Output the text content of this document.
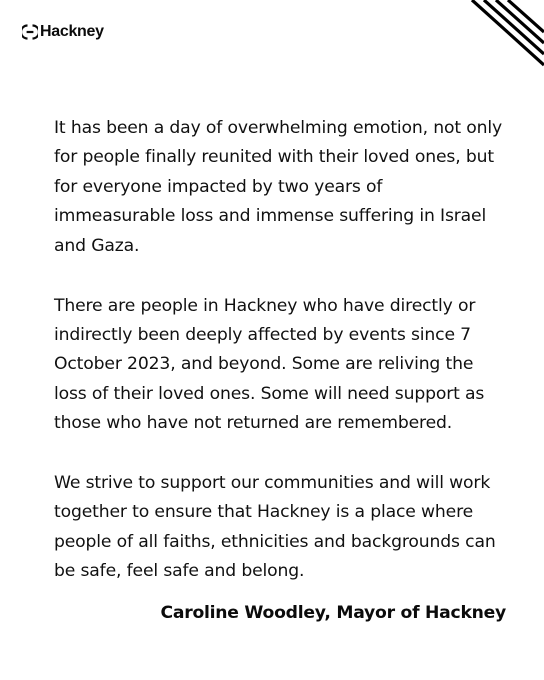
Hackney

It has been a day of overwhelming emotion, not only for people finally reunited with their loved ones, but for everyone impacted by two years of immeasurable loss and immense suffering in Israel and Gaza.

There are people in Hackney who have directly or indirectly been deeply affected by events since 7 October 2023, and beyond. Some are reliving the loss of their loved ones. Some will need support as those who have not returned are remembered.

We strive to support our communities and will work together to ensure that Hackney is a place where people of all faiths, ethnicities and backgrounds can be safe, feel safe and belong.

Caroline Woodley, Mayor of Hackney
